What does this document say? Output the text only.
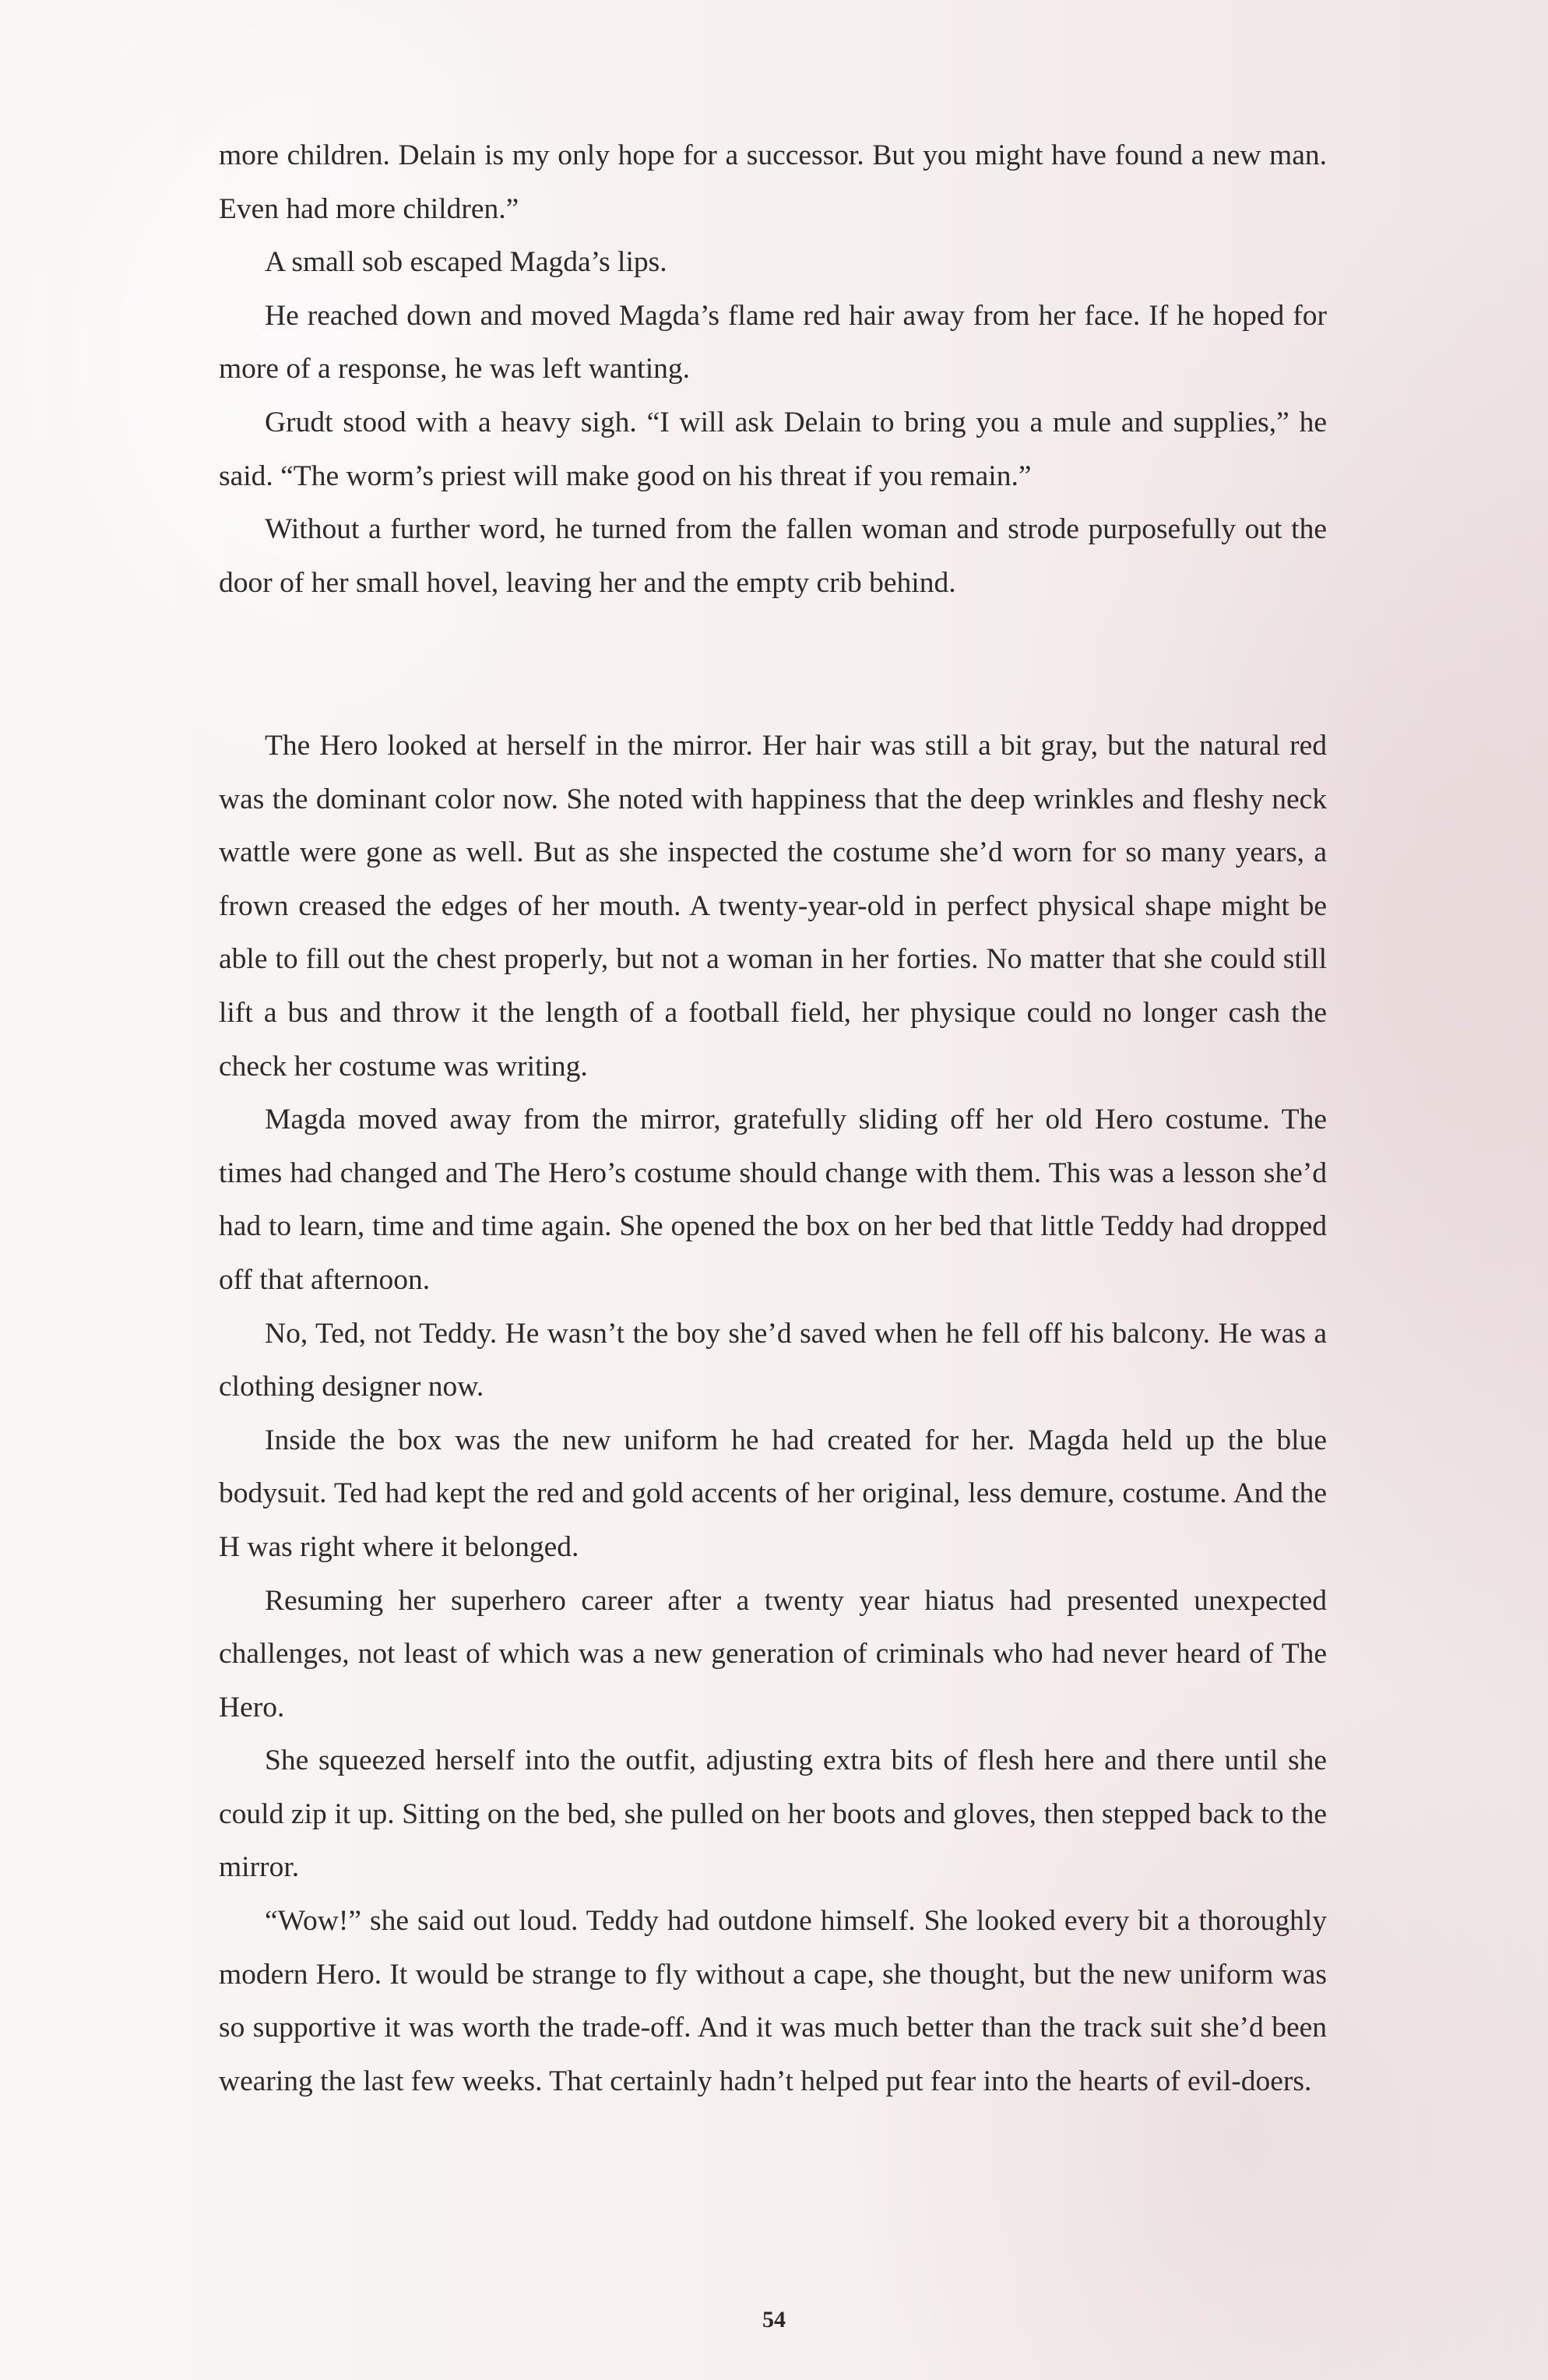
more children. Delain is my only hope for a successor. But you might have found a new man. Even had more children.”

A small sob escaped Magda’s lips.

He reached down and moved Magda’s flame red hair away from her face. If he hoped for more of a response, he was left wanting.

Grudt stood with a heavy sigh. “I will ask Delain to bring you a mule and supplies,” he said. “The worm’s priest will make good on his threat if you remain.”

Without a further word, he turned from the fallen woman and strode purposefully out the door of her small hovel, leaving her and the empty crib behind.

The Hero looked at herself in the mirror. Her hair was still a bit gray, but the natural red was the dominant color now. She noted with happiness that the deep wrinkles and fleshy neck wattle were gone as well. But as she inspected the costume she’d worn for so many years, a frown creased the edges of her mouth. A twenty-year-old in perfect physical shape might be able to fill out the chest properly, but not a woman in her forties. No matter that she could still lift a bus and throw it the length of a football field, her physique could no longer cash the check her costume was writing.

Magda moved away from the mirror, gratefully sliding off her old Hero costume. The times had changed and The Hero’s costume should change with them. This was a lesson she’d had to learn, time and time again. She opened the box on her bed that little Teddy had dropped off that afternoon.

No, Ted, not Teddy. He wasn’t the boy she’d saved when he fell off his balcony. He was a clothing designer now.

Inside the box was the new uniform he had created for her. Magda held up the blue bodysuit. Ted had kept the red and gold accents of her original, less demure, costume. And the H was right where it belonged.

Resuming her superhero career after a twenty year hiatus had presented unexpected challenges, not least of which was a new generation of criminals who had never heard of The Hero.

She squeezed herself into the outfit, adjusting extra bits of flesh here and there until she could zip it up. Sitting on the bed, she pulled on her boots and gloves, then stepped back to the mirror.

“Wow!” she said out loud. Teddy had outdone himself. She looked every bit a thoroughly modern Hero. It would be strange to fly without a cape, she thought, but the new uniform was so supportive it was worth the trade-off. And it was much better than the track suit she’d been wearing the last few weeks. That certainly hadn’t helped put fear into the hearts of evil-doers.

54
